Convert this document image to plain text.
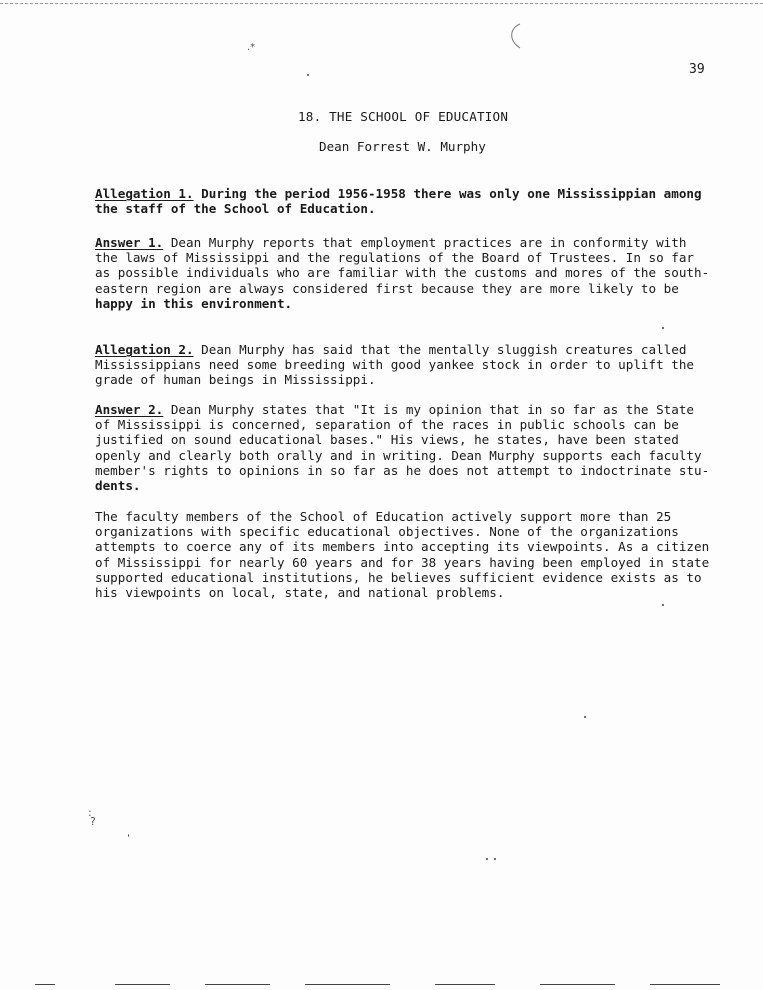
.*
:
?
39
18. THE SCHOOL OF EDUCATION
Dean Forrest W. Murphy
Allegation 1. During the period 1956-1958 there was only one Mississippian among
the staff of the School of Education.
Answer 1. Dean Murphy reports that employment practices are in conformity with
the laws of Mississippi and the regulations of the Board of Trustees. In so far
as possible individuals who are familiar with the customs and mores of the south-
eastern region are always considered first because they are more likely to be
happy in this environment.
Allegation 2. Dean Murphy has said that the mentally sluggish creatures called
Mississippians need some breeding with good yankee stock in order to uplift the
grade of human beings in Mississippi.
Answer 2. Dean Murphy states that "It is my opinion that in so far as the State
of Mississippi is concerned, separation of the races in public schools can be
justified on sound educational bases." His views, he states, have been stated
openly and clearly both orally and in writing. Dean Murphy supports each faculty
member's rights to opinions in so far as he does not attempt to indoctrinate stu-
dents.
The faculty members of the School of Education actively support more than 25
organizations with specific educational objectives. None of the organizations
attempts to coerce any of its members into accepting its viewpoints. As a citizen
of Mississippi for nearly 60 years and for 38 years having been employed in state
supported educational institutions, he believes sufficient evidence exists as to
his viewpoints on local, state, and national problems.
